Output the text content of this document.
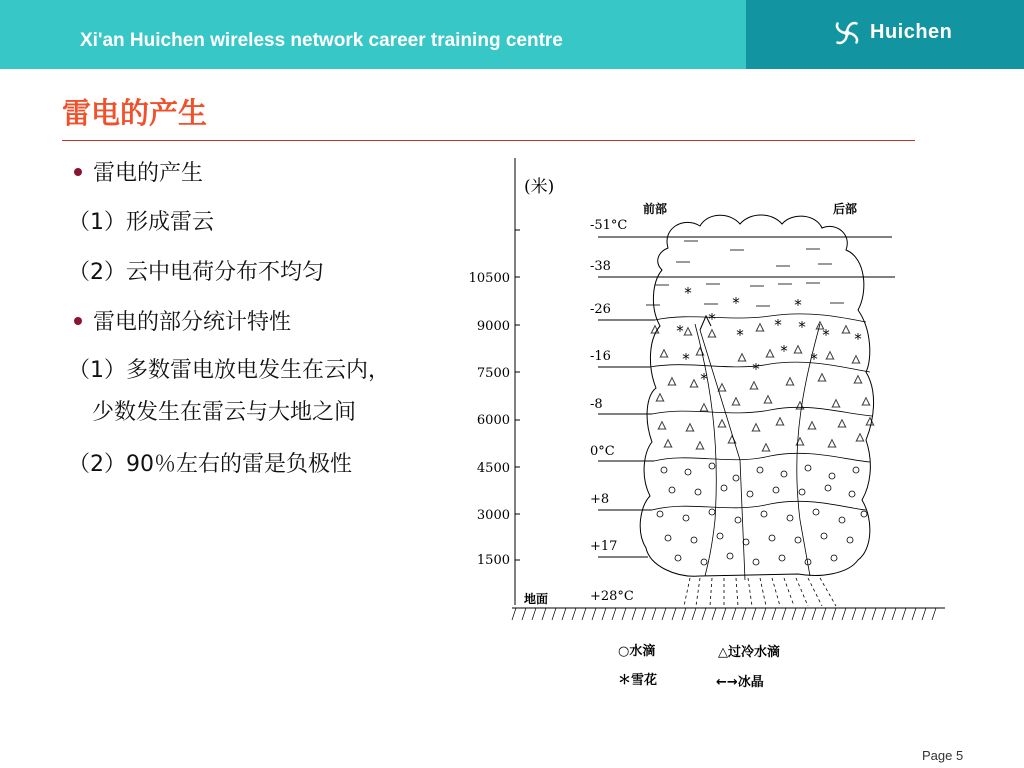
Xi'an Huichen wireless network career training centre	Huichen
雷电的产生
雷电的产生
（1）形成雷云
（2）云中电荷分布不均匀
雷电的部分统计特性
（1）多数雷电放电发生在云内，
少数发生在雷云与大地之间
（2）90％左右的雷是负极性
(米)
10500
9000
7500
6000
4500
3000
1500
-51°C
-38
-26
-16
-8
0°C
+8
+17
+28°C
前部	后部
地面
*
*	*
*
*
*
* * * *
*
*
* *
*
△ △ △	△	△ △
△	△	△ △ △ △ △
△ △ △ △	△ △	△
△
△ △ △ △	△ △
△ △ △ △ △ △ △ △
△ △ △
△ △ △ △
○水滴	△过冷水滴
＊雪花	←→冰晶
Page 5
